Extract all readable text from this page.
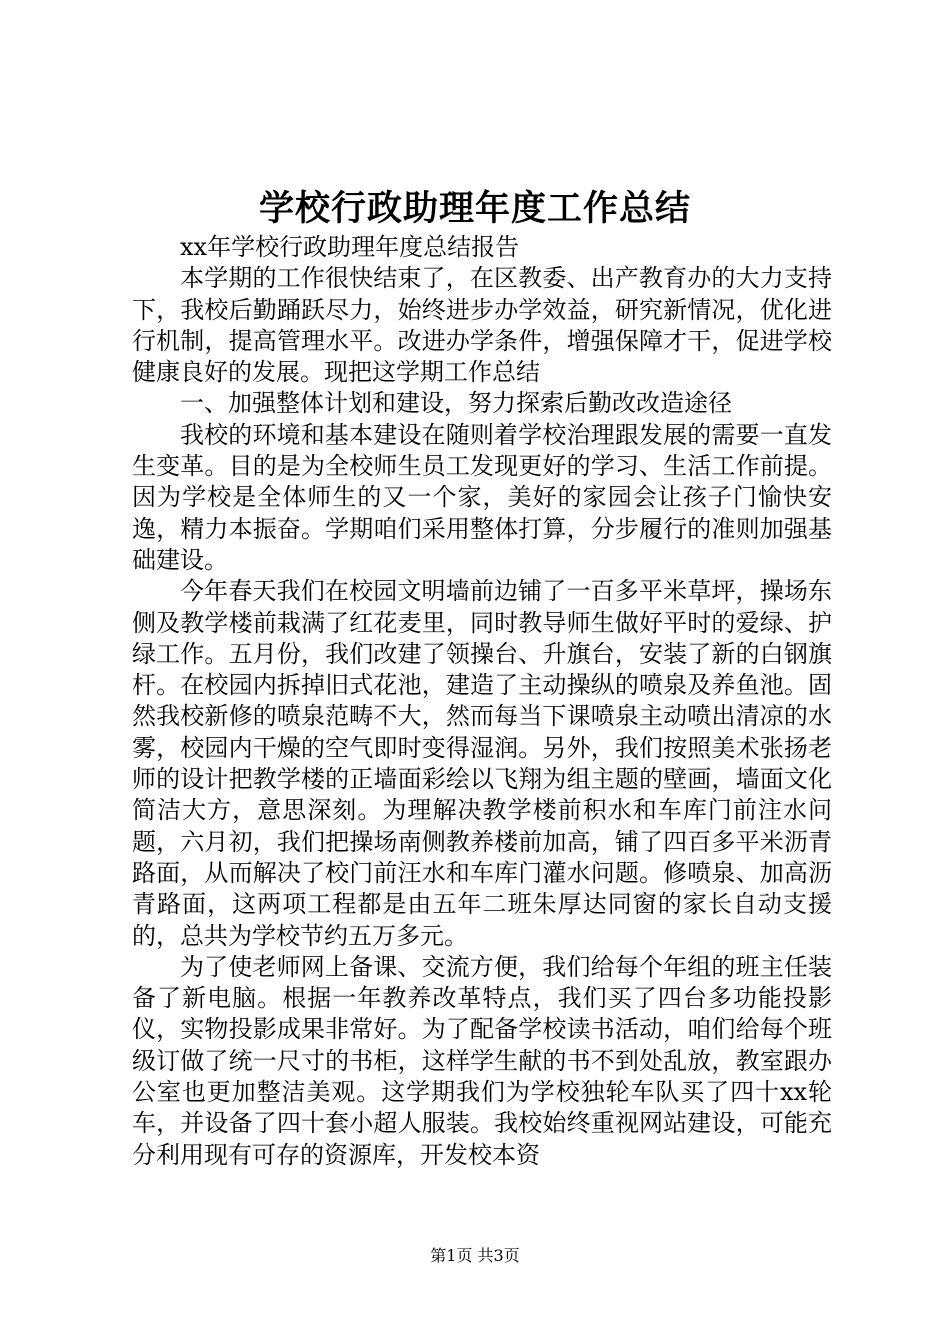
学校行政助理年度工作总结

xx年学校行政助理年度总结报告

本学期的工作很快结束了，在区教委、出产教育办的大力支持下，我校后勤踊跃尽力，始终进步办学效益，研究新情况，优化进行机制，提高管理水平。改进办学条件，增强保障才干，促进学校健康良好的发展。现把这学期工作总结

一、加强整体计划和建设，努力探索后勤改改造途径

我校的环境和基本建设在随则着学校治理跟发展的需要一直发生变革。目的是为全校师生员工发现更好的学习、生活工作前提。因为学校是全体师生的又一个家，美好的家园会让孩子门愉快安逸，精力本振奋。学期咱们采用整体打算，分步履行的准则加强基础建设。

今年春天我们在校园文明墙前边铺了一百多平米草坪，操场东侧及教学楼前栽满了红花麦里，同时教导师生做好平时的爱绿、护绿工作。五月份，我们改建了领操台、升旗台，安装了新的白钢旗杆。在校园内拆掉旧式花池，建造了主动操纵的喷泉及养鱼池。固然我校新修的喷泉范畴不大，然而每当下课喷泉主动喷出清凉的水雾，校园内干燥的空气即时变得湿润。另外，我们按照美术张扬老师的设计把教学楼的正墙面彩绘以飞翔为组主题的壁画，墙面文化简洁大方，意思深刻。为理解决教学楼前积水和车库门前注水问题，六月初，我们把操场南侧教养楼前加高，铺了四百多平米沥青路面，从而解决了校门前汪水和车库门灌水问题。修喷泉、加高沥青路面，这两项工程都是由五年二班朱厚达同窗的家长自动支援的，总共为学校节约五万多元。

为了使老师网上备课、交流方便，我们给每个年组的班主任装备了新电脑。根据一年教养改革特点，我们买了四台多功能投影仪，实物投影成果非常好。为了配备学校读书活动，咱们给每个班级订做了统一尺寸的书柜，这样学生献的书不到处乱放，教室跟办公室也更加整洁美观。这学期我们为学校独轮车队买了四十xx轮车，并设备了四十套小超人服装。我校始终重视网站建设，可能充分利用现有可存的资源库，开发校本资

第1页 共3页
